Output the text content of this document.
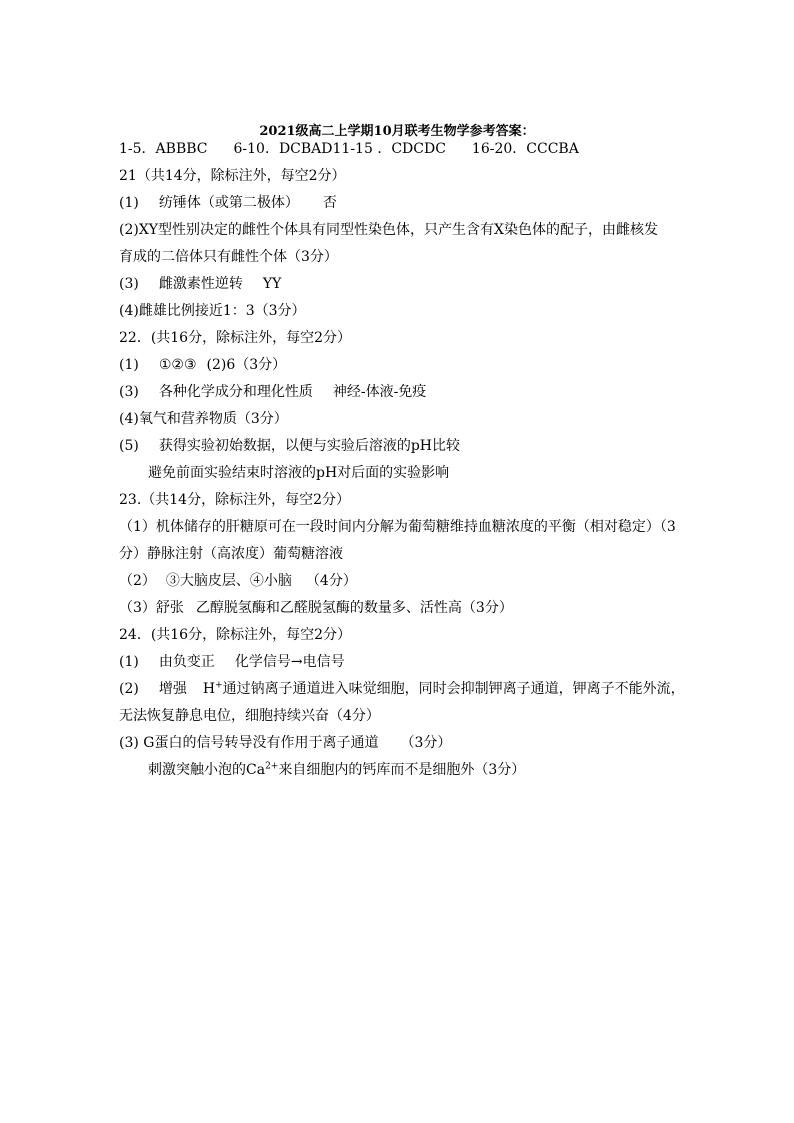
2021级高二上学期10月联考生物学参考答案：
1-5．ABBBC 6-10．DCBAD11-15 ．CDCDC 16-20．CCCBA
21（共14分，除标注外，每空2分）
(1) 纺锤体（或第二极体） 否
(2)XY型性别决定的雌性个体具有同型性染色体，只产生含有X染色体的配子，由雌核发
育成的二倍体只有雌性个体（3分）
(3) 雌激素性逆转 YY
(4)雌雄比例接近1：3（3分）
22．(共16分，除标注外，每空2分）
(1) ①②③ (2)6（3分）
(3) 各种化学成分和理化性质 神经-体液-免疫
(4)氧气和营养物质（3分）
(5) 获得实验初始数据，以便与实验后溶液的pH比较
避免前面实验结束时溶液的pH对后面的实验影响
23.（共14分，除标注外，每空2分）
（1）机体储存的肝糖原可在一段时间内分解为葡萄糖维持血糖浓度的平衡（相对稳定）（3
分）静脉注射（高浓度）葡萄糖溶液
（2） ③大脑皮层、④小脑 （4分）
（3）舒张 乙醇脱氢酶和乙醛脱氢酶的数量多、活性高（3分）
24．(共16分，除标注外，每空2分）
(1) 由负变正 化学信号→电信号
(2) 增强 H+通过钠离子通道进入味觉细胞，同时会抑制钾离子通道，钾离子不能外流，
无法恢复静息电位，细胞持续兴奋（4分）
(3) G蛋白的信号转导没有作用于离子通道 （3分）
刺激突触小泡的$Ca^{2+}$来自细胞内的钙库而不是细胞外（3分）
